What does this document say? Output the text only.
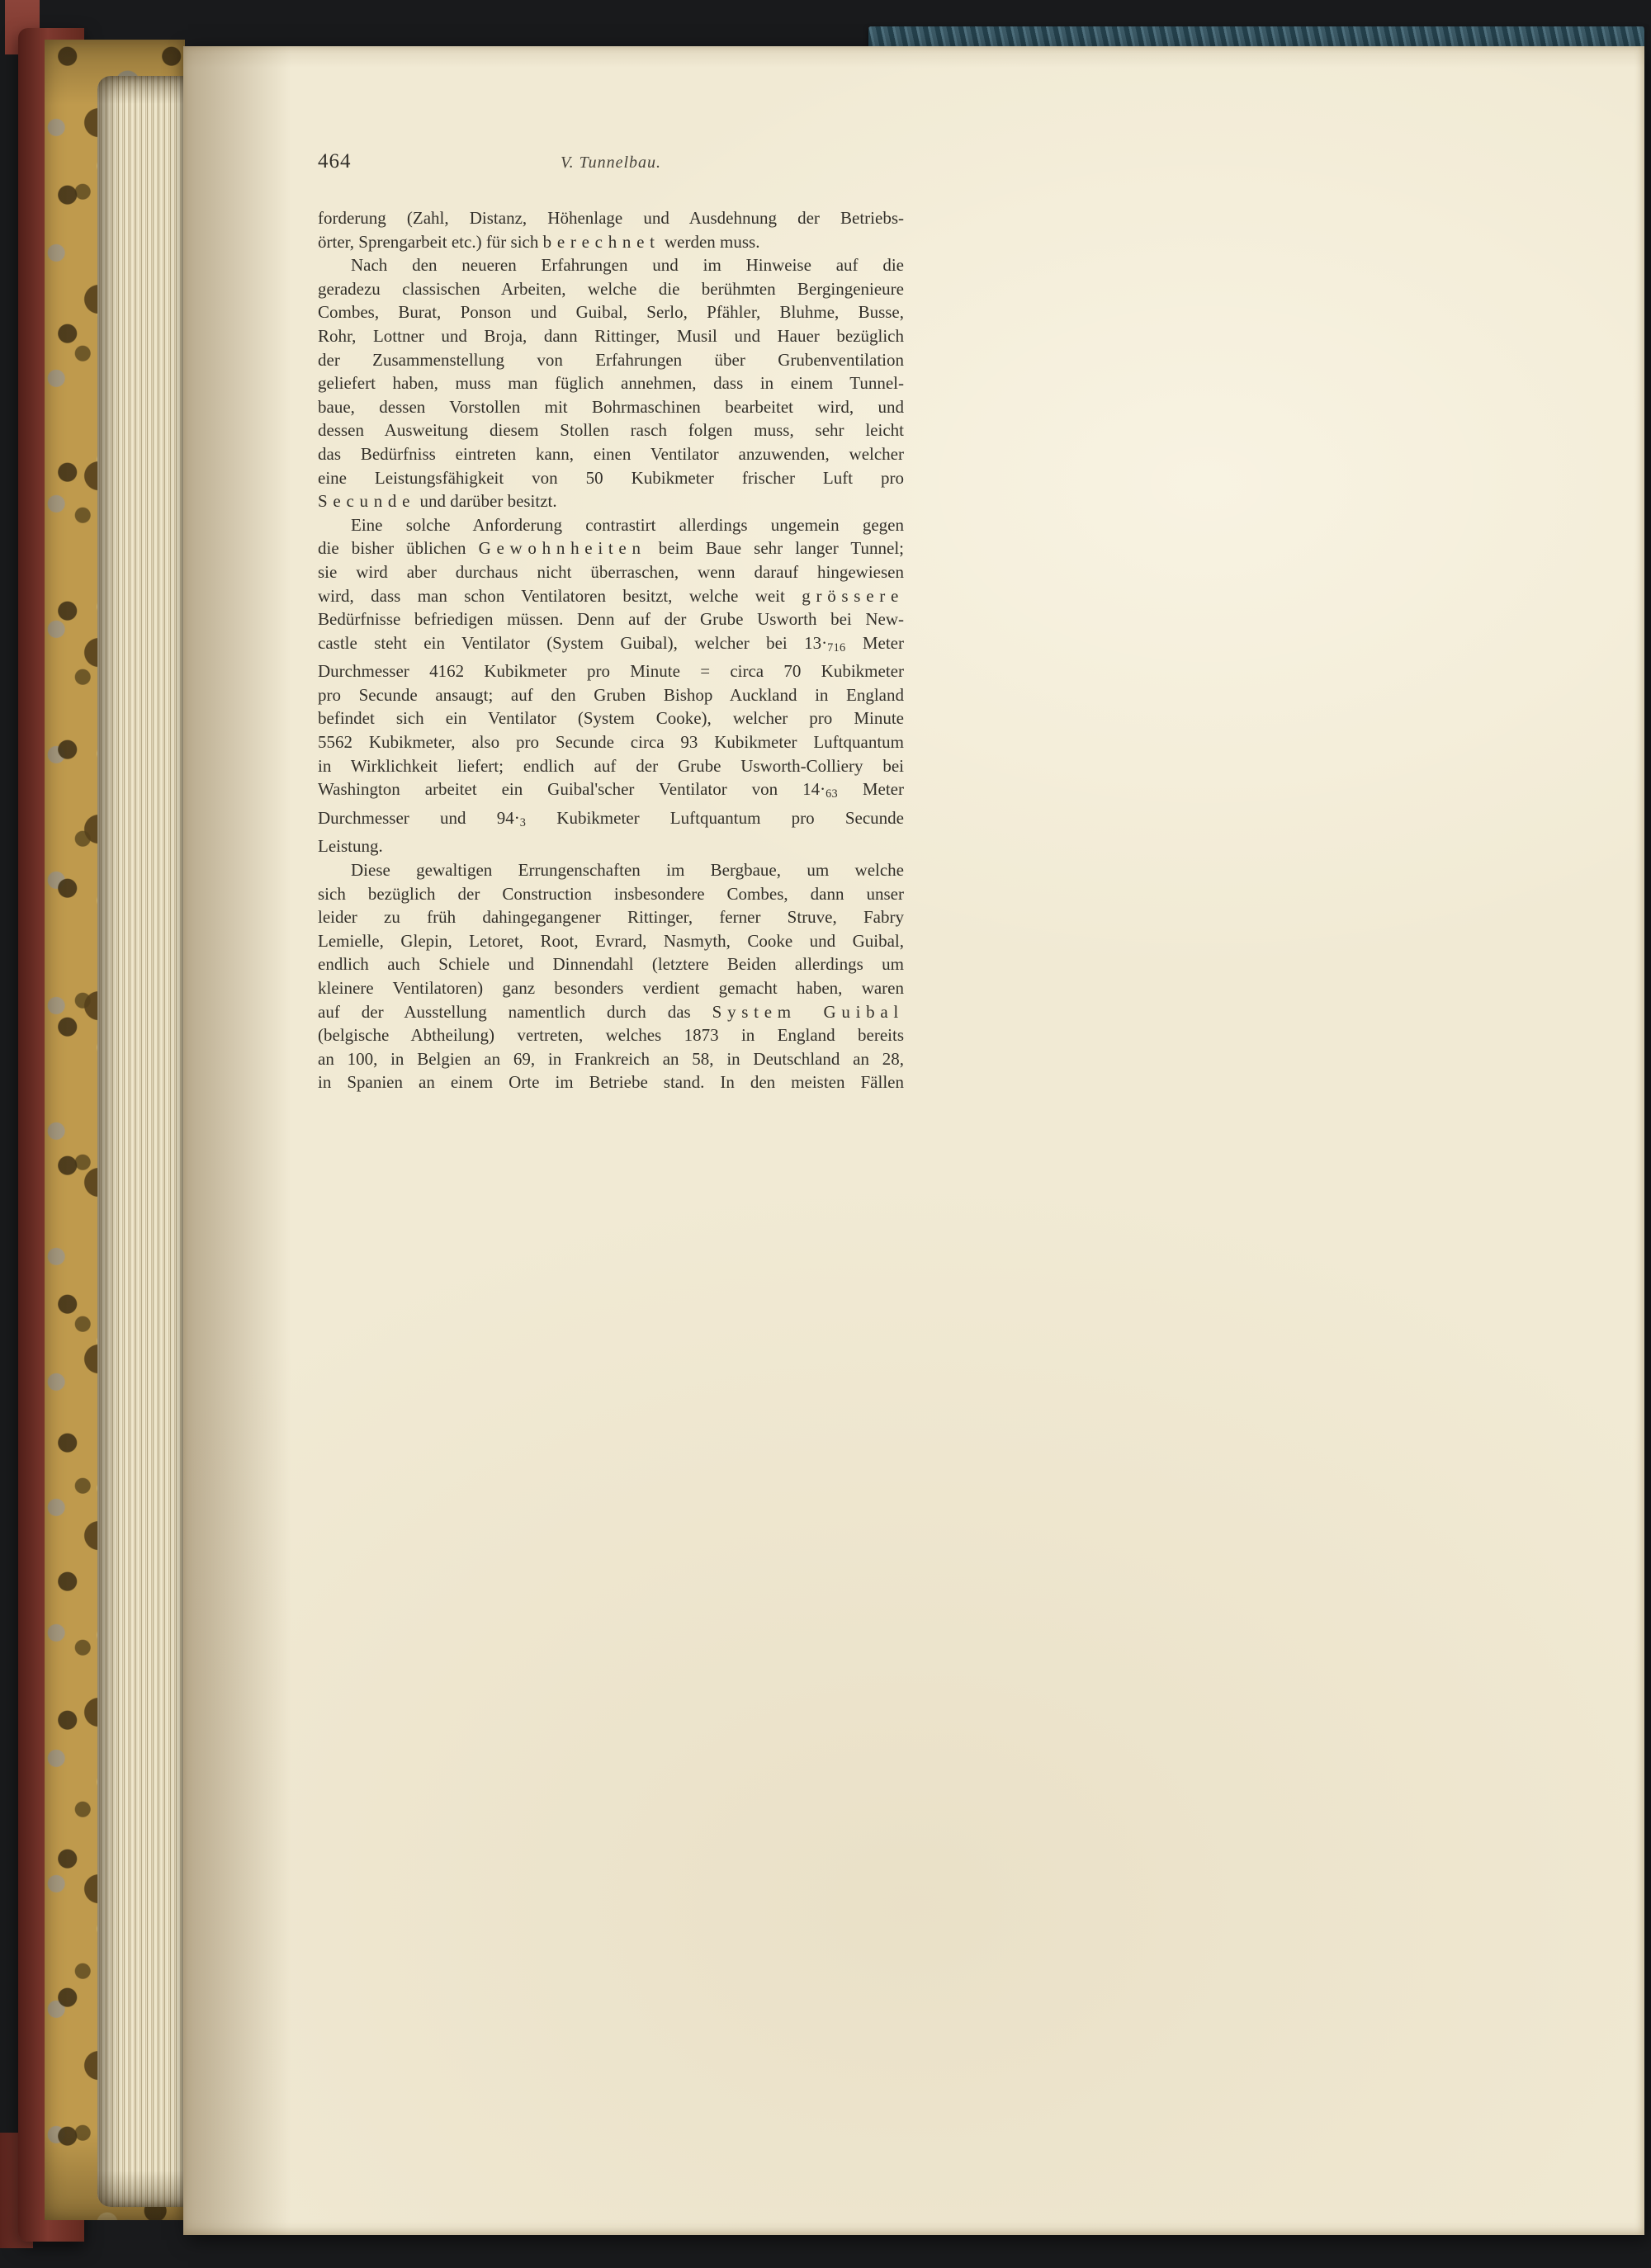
464	V. Tunnelbau.
forderung (Zahl, Distanz, Höhenlage und Ausdehnung der Betriebs-
örter, Sprengarbeit etc.) für sich berechnet werden muss.
Nach den neueren Erfahrungen und im Hinweise auf die
geradezu classischen Arbeiten, welche die berühmten Bergingenieure
Combes, Burat, Ponson und Guibal, Serlo, Pfähler, Bluhme, Busse,
Rohr, Lottner und Broja, dann Rittinger, Musil und Hauer bezüglich
der Zusammenstellung von Erfahrungen über Grubenventilation
geliefert haben, muss man füglich annehmen, dass in einem Tunnel-
baue, dessen Vorstollen mit Bohrmaschinen bearbeitet wird, und
dessen Ausweitung diesem Stollen rasch folgen muss, sehr leicht
das Bedürfniss eintreten kann, einen Ventilator anzuwenden, welcher
eine Leistungsfähigkeit von 50 Kubikmeter frischer Luft pro
Secunde und darüber besitzt.
Eine solche Anforderung contrastirt allerdings ungemein gegen
die bisher üblichen Gewohnheiten beim Baue sehr langer Tunnel;
sie wird aber durchaus nicht überraschen, wenn darauf hingewiesen
wird, dass man schon Ventilatoren besitzt, welche weit grössere
Bedürfnisse befriedigen müssen. Denn auf der Grube Usworth bei New-
castle steht ein Ventilator (System Guibal), welcher bei 13·716 Meter
Durchmesser 4162 Kubikmeter pro Minute = circa 70 Kubikmeter
pro Secunde ansaugt; auf den Gruben Bishop Auckland in England
befindet sich ein Ventilator (System Cooke), welcher pro Minute
5562 Kubikmeter, also pro Secunde circa 93 Kubikmeter Luftquantum
in Wirklichkeit liefert; endlich auf der Grube Usworth-Colliery bei
Washington arbeitet ein Guibal'scher Ventilator von 14·63 Meter
Durchmesser und 94·3 Kubikmeter Luftquantum pro Secunde
Leistung.
Diese gewaltigen Errungenschaften im Bergbaue, um welche
sich bezüglich der Construction insbesondere Combes, dann unser
leider zu früh dahingegangener Rittinger, ferner Struve, Fabry
Lemielle, Glepin, Letoret, Root, Evrard, Nasmyth, Cooke und Guibal,
endlich auch Schiele und Dinnendahl (letztere Beiden allerdings um
kleinere Ventilatoren) ganz besonders verdient gemacht haben, waren
auf der Ausstellung namentlich durch das System Guibal
(belgische Abtheilung) vertreten, welches 1873 in England bereits
an 100, in Belgien an 69, in Frankreich an 58, in Deutschland an 28,
in Spanien an einem Orte im Betriebe stand. In den meisten Fällen
